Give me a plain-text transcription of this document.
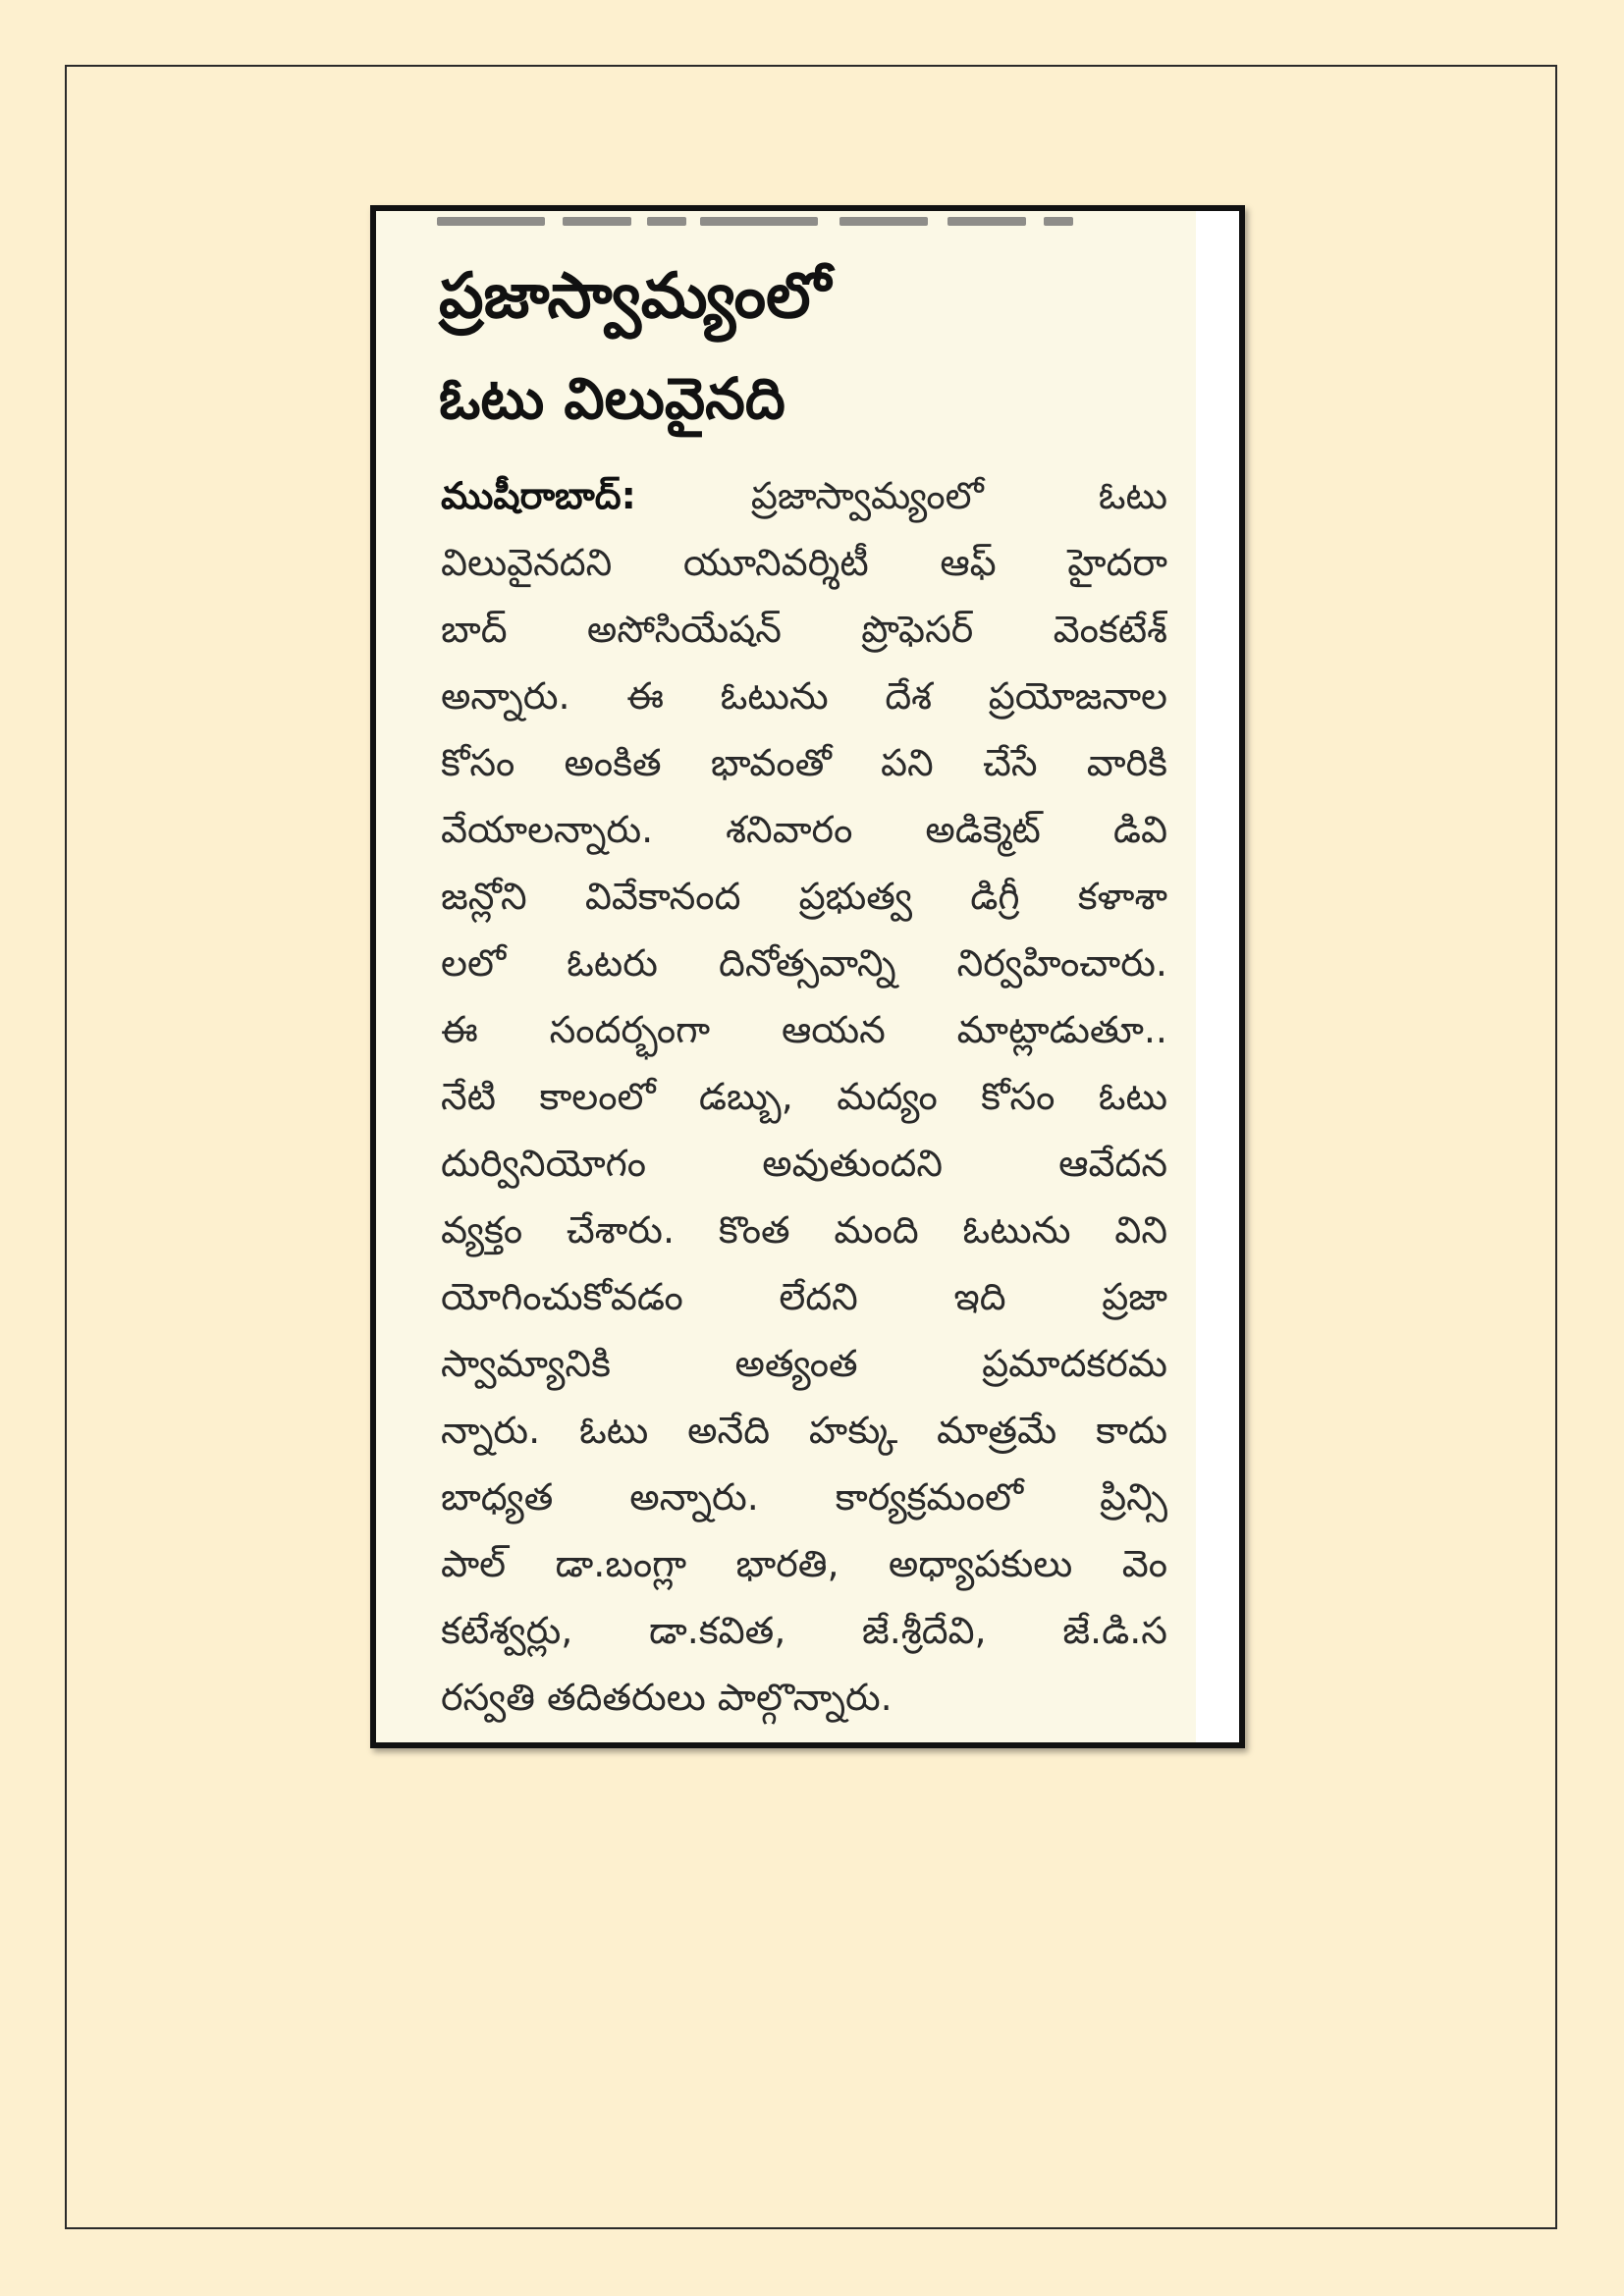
ప్రజాస్వామ్యంలో
ఓటు విలువైనది
ముషీరాబాద్: ప్రజాస్వామ్యంలో ఓటు
విలువైనదని యూనివర్శిటీ ఆఫ్ హైదరా
బాద్ అసోసియేషన్ ప్రొఫెసర్ వెంకటేశ్
అన్నారు. ఈ ఓటును దేశ ప్రయోజనాల
కోసం అంకిత భావంతో పని చేసే వారికి
వేయాలన్నారు. శనివారం అడిక్మెట్ డివి
జన్లోని వివేకానంద ప్రభుత్వ డిగ్రీ కళాశా
లలో ఓటరు దినోత్సవాన్ని నిర్వహించారు.
ఈ సందర్భంగా ఆయన మాట్లాడుతూ..
నేటి కాలంలో డబ్బు, మద్యం కోసం ఓటు
దుర్వినియోగం అవుతుందని ఆవేదన
వ్యక్తం చేశారు. కొంత మంది ఓటును విని
యోగించుకోవడం లేదని ఇది ప్రజా
స్వామ్యానికి అత్యంత ప్రమాదకరమ
న్నారు. ఓటు అనేది హక్కు మాత్రమే కాదు
బాధ్యత అన్నారు. కార్యక్రమంలో ప్రిన్సి
పాల్ డా.బంగ్లా భారతి, అధ్యాపకులు వెం
కటేశ్వర్లు, డా.కవిత, జే.శ్రీదేవి, జే.డి.స
రస్వతి తదితరులు పాల్గొన్నారు.
